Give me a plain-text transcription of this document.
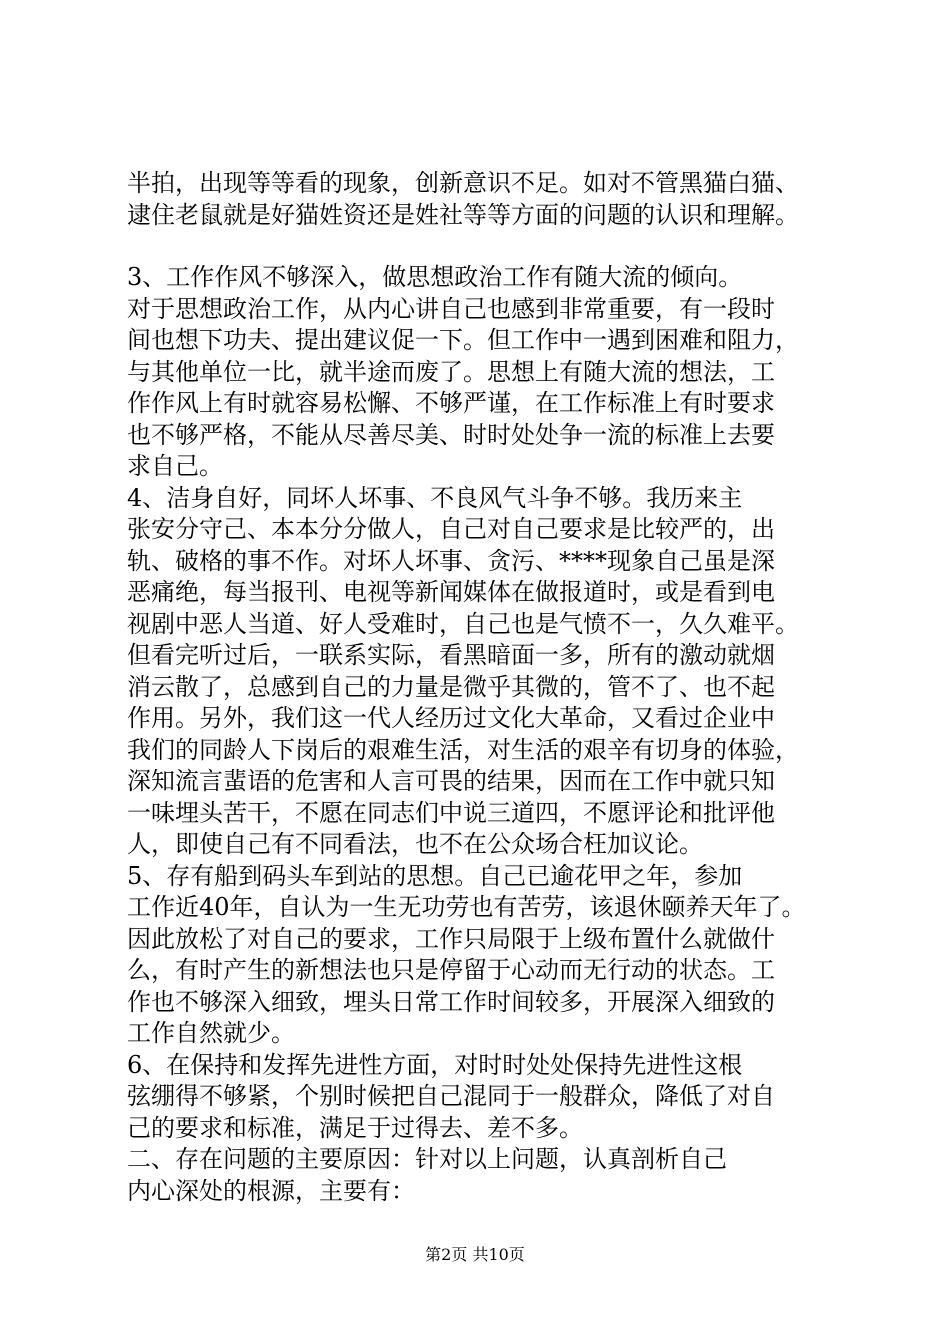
半拍，出现等等看的现象，创新意识不足。如对不管黑猫白猫、
逮住老鼠就是好猫姓资还是姓社等等方面的问题的认识和理解。

3、工作作风不够深入，做思想政治工作有随大流的倾向。
对于思想政治工作，从内心讲自己也感到非常重要，有一段时
间也想下功夫、提出建议促一下。但工作中一遇到困难和阻力，
与其他单位一比，就半途而废了。思想上有随大流的想法，工
作作风上有时就容易松懈、不够严谨，在工作标准上有时要求
也不够严格，不能从尽善尽美、时时处处争一流的标准上去要
求自己。

4、洁身自好，同坏人坏事、不良风气斗争不够。我历来主
张安分守己、本本分分做人，自己对自己要求是比较严的，出
轨、破格的事不作。对坏人坏事、贪污、****现象自己虽是深
恶痛绝，每当报刊、电视等新闻媒体在做报道时，或是看到电
视剧中恶人当道、好人受难时，自己也是气愤不一，久久难平。
但看完听过后，一联系实际，看黑暗面一多，所有的激动就烟
消云散了，总感到自己的力量是微乎其微的，管不了、也不起
作用。另外，我们这一代人经历过文化大革命，又看过企业中
我们的同龄人下岗后的艰难生活，对生活的艰辛有切身的体验，
深知流言蜚语的危害和人言可畏的结果，因而在工作中就只知
一味埋头苦干，不愿在同志们中说三道四，不愿评论和批评他
人，即使自己有不同看法，也不在公众场合枉加议论。

5、存有船到码头车到站的思想。自己已逾花甲之年，参加
工作近40年，自认为一生无功劳也有苦劳，该退休颐养天年了。
因此放松了对自己的要求，工作只局限于上级布置什么就做什
么，有时产生的新想法也只是停留于心动而无行动的状态。工
作也不够深入细致，埋头日常工作时间较多，开展深入细致的
工作自然就少。

6、在保持和发挥先进性方面，对时时处处保持先进性这根
弦绷得不够紧，个别时候把自己混同于一般群众，降低了对自
己的要求和标准，满足于过得去、差不多。

二、存在问题的主要原因：针对以上问题，认真剖析自己
内心深处的根源，主要有：

第2页 共10页
